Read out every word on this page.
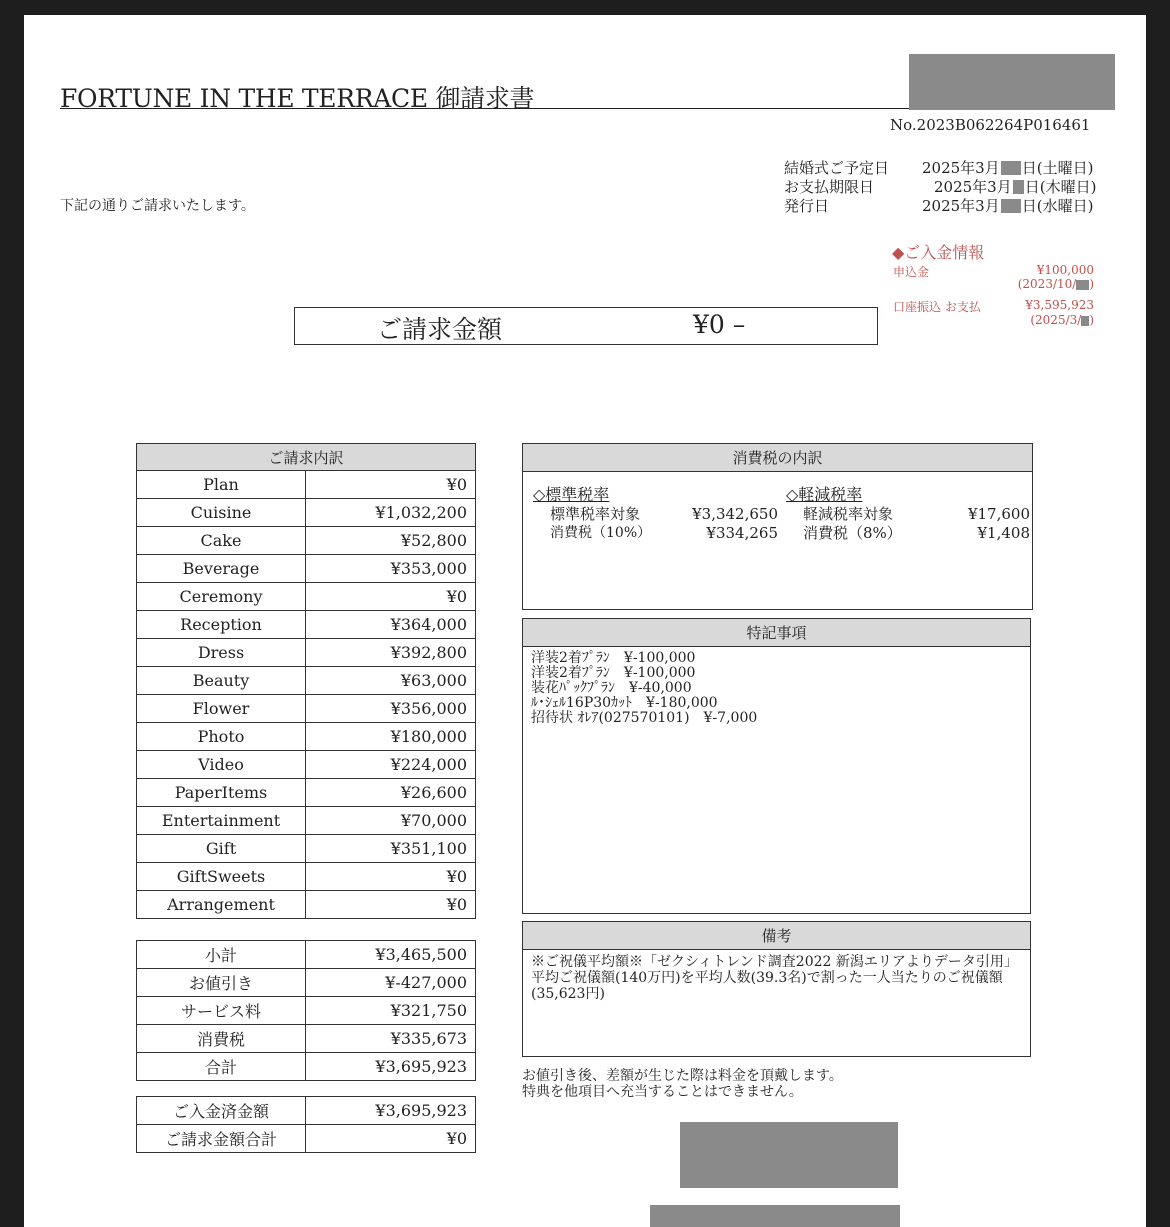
FORTUNE IN THE TERRACE 御請求書
No.2023B062264P016461
下記の通りご請求いたします。
結婚式ご予定日	2025年3月 日(土曜日)
お支払期限日	2025年3月 日(木曜日)
発行日	2025年3月 日(水曜日)
◆ご入金情報
申込金	¥100,000
(2023/10/ )
口座振込 お支払	¥3,595,923
(2025/3/ )
ご請求金額	¥0 –
ご請求内訳	
Plan	¥0
Cuisine	¥1,032,200
Cake	¥52,800
Beverage	¥353,000
Ceremony	¥0
Reception	¥364,000
Dress	¥392,800
Beauty	¥63,000
Flower	¥356,000
Photo	¥180,000
Video	¥224,000
PaperItems	¥26,600
Entertainment	¥70,000
Gift	¥351,100
GiftSweets	¥0
Arrangement	¥0
小計	¥3,465,500
お値引き	¥-427,000
サービス料	¥321,750
消費税	¥335,673
合計	¥3,695,923
ご入金済金額	¥3,695,923
ご請求金額合計	¥0
消費税の内訳
◇標準税率
標準税率対象	¥3,342,650
消費税（10%）	¥334,265
◇軽減税率
軽減税率対象	¥17,600
消費税（8%）	¥1,408
特記事項
洋装2着ﾌﾟﾗﾝ　¥-100,000
洋装2着ﾌﾟﾗﾝ　¥-100,000
装花ﾊﾟｯｸﾌﾟﾗﾝ　¥-40,000
ﾙ･ｼｪﾙ16P30ｶｯﾄ　¥-180,000
招待状 ｵﾚｱ(027570101)　¥-7,000
備考
※ご祝儀平均額※「ゼクシィトレンド調査2022 新潟エリアよりデータ引用」平均ご祝儀額(140万円)を平均人数(39.3名)で割った一人当たりのご祝儀額(35,623円)
お値引き後、差額が生じた際は料金を頂戴します。
特典を他項目へ充当することはできません。
